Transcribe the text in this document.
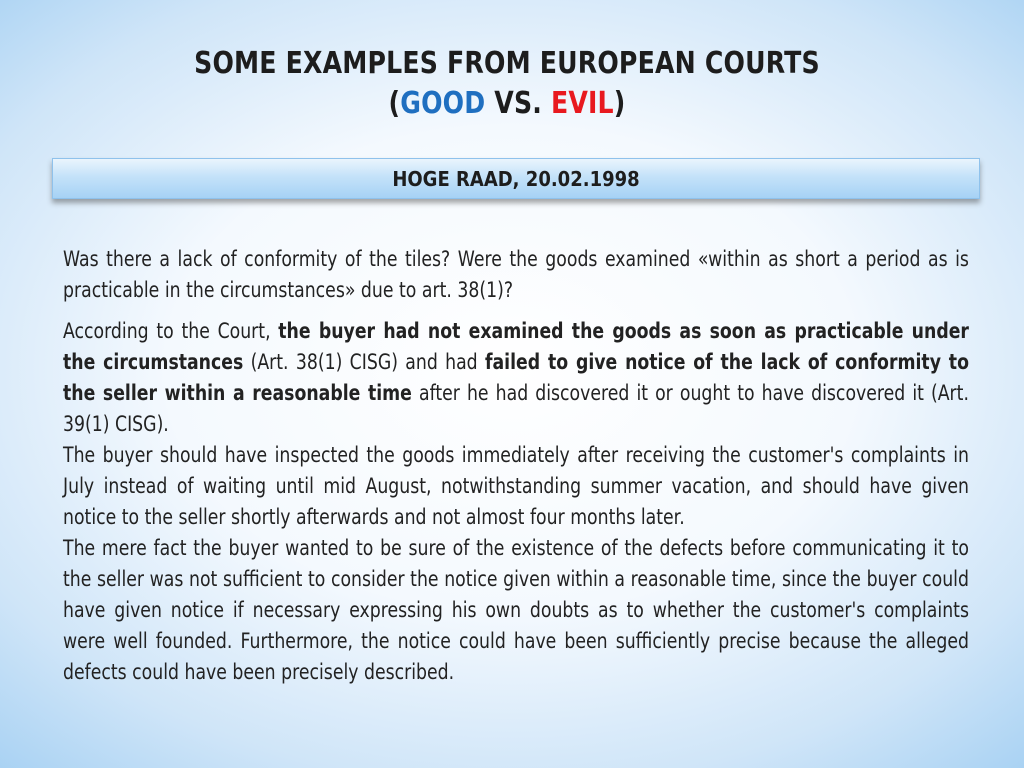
SOME EXAMPLES FROM EUROPEAN COURTS
(GOOD VS. EVIL)
HOGE RAAD, 20.02.1998

Was there a lack of conformity of the tiles? Were the goods examined «within as short a period as is practicable in the circumstances» due to art. 38(1)?

According to the Court, the buyer had not examined the goods as soon as practicable under the circumstances (Art. 38(1) CISG) and had failed to give notice of the lack of conformity to the seller within a reasonable time after he had discovered it or ought to have discovered it (Art. 39(1) CISG).

The buyer should have inspected the goods immediately after receiving the customer's complaints in July instead of waiting until mid August, notwithstanding summer vacation, and should have given notice to the seller shortly afterwards and not almost four months later.

The mere fact the buyer wanted to be sure of the existence of the defects before communicating it to the seller was not sufficient to consider the notice given within a reasonable time, since the buyer could have given notice if necessary expressing his own doubts as to whether the customer's complaints were well founded. Furthermore, the notice could have been sufficiently precise because the alleged defects could have been precisely described.
